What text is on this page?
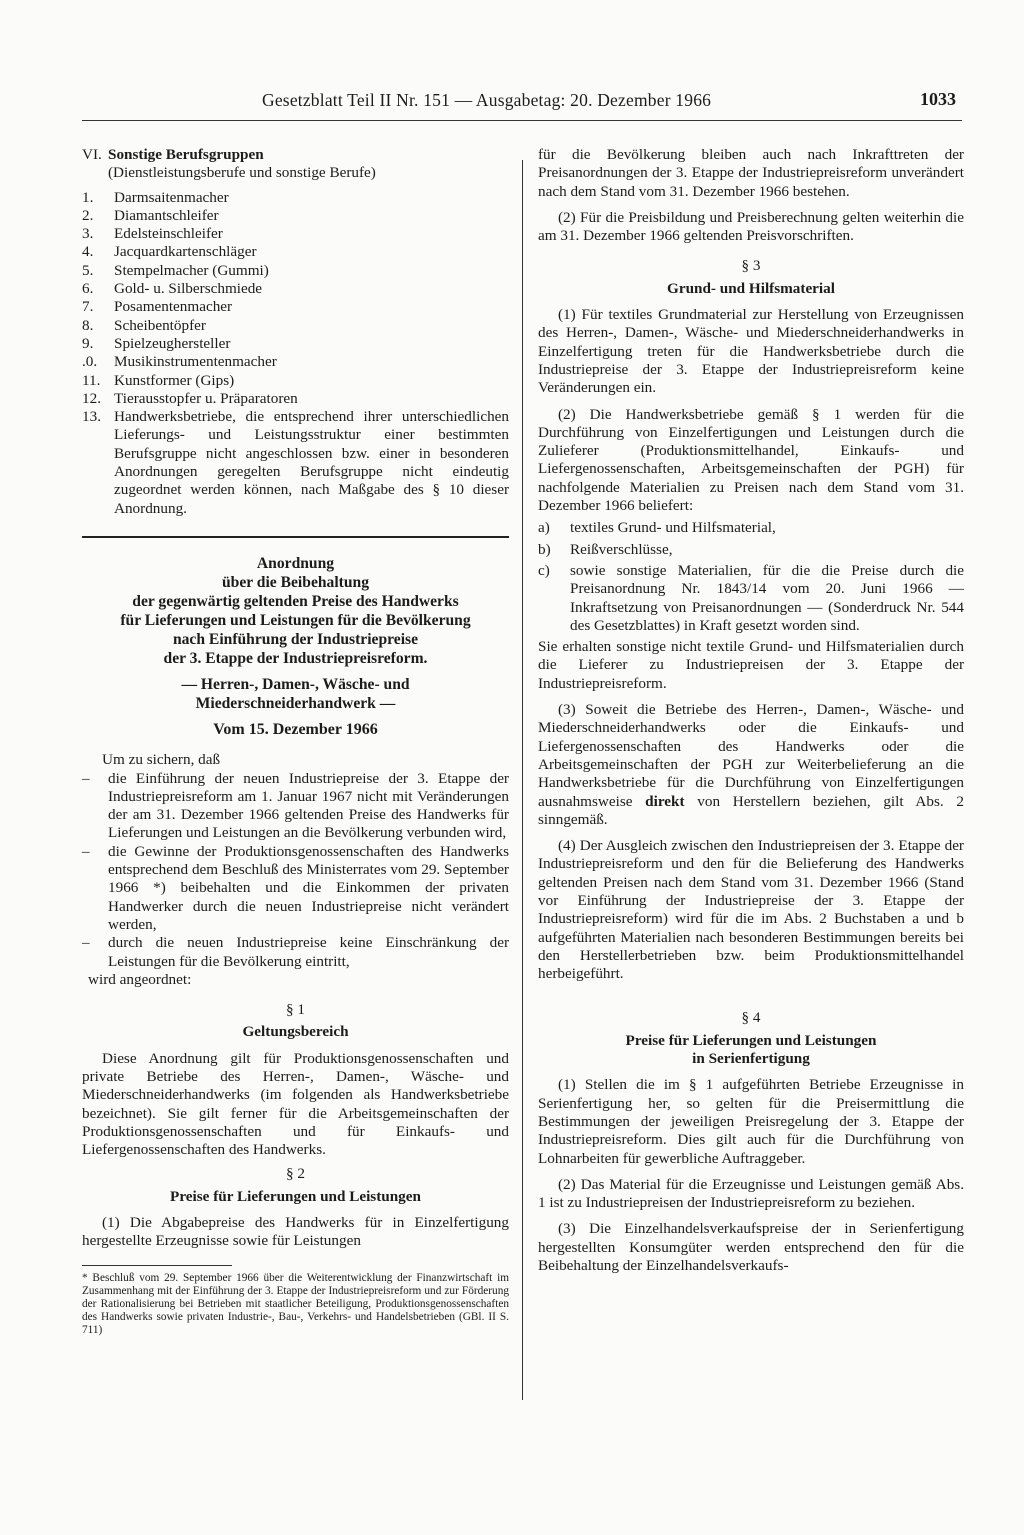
Gesetzblatt Teil II Nr. 151 — Ausgabetag: 20. Dezember 1966	1033
VI. Sonstige Berufsgruppen

(Dienstleistungsberufe und sonstige Berufe)

1.	Darmsaitenmacher
2.	Diamantschleifer
3.	Edelsteinschleifer
4.	Jacquardkartenschläger
5.	Stempelmacher (Gummi)
6.	Gold- u. Silberschmiede
7.	Posamentenmacher
8.	Scheibentöpfer
9.	Spielzeughersteller
.0.	Musikinstrumentenmacher
11. Kunstformer (Gips)
12. Tierausstopfer u. Präparatoren
13. Handwerksbetriebe, die entsprechend ihrer unterschiedlichen Lieferungs- und Leistungsstruktur einer bestimmten Berufsgruppe nicht angeschlossen bzw. einer in besonderen Anordnungen geregelten Berufsgruppe nicht eindeutig zugeordnet werden können, nach Maßgabe des § 10 dieser Anordnung.
Anordnung
über die Beibehaltung
der gegenwärtig geltenden Preise des Handwerks
für Lieferungen und Leistungen für die Bevölkerung
nach Einführung der Industriepreise
der 3. Etappe der Industriepreisreform.
— Herren-, Damen-, Wäsche- und
Miederschneiderhandwerk —
Vom 15. Dezember 1966

Um zu sichern, daß

–	die Einführung der neuen Industriepreise der 3. Etappe der Industriepreisreform am 1. Januar 1967 nicht mit Veränderungen der am 31. Dezember 1966 geltenden Preise des Handwerks für Lieferungen und Leistungen an die Bevölkerung verbunden wird,
–	die Gewinne der Produktionsgenossenschaften des Handwerks entsprechend dem Beschluß des Ministerrates vom 29. September 1966 *) beibehalten und die Einkommen der privaten Handwerker durch die neuen Industriepreise nicht verändert werden,
–	durch die neuen Industriepreise keine Einschränkung der Leistungen für die Bevölkerung eintritt,

wird angeordnet:

§ 1
Geltungsbereich

Diese Anordnung gilt für Produktionsgenossenschaften und private Betriebe des Herren-, Damen-, Wäsche- und Miederschneiderhandwerks (im folgenden als Handwerksbetriebe bezeichnet). Sie gilt ferner für die Arbeitsgemeinschaften der Produktionsgenossenschaften und für Einkaufs- und Liefergenossenschaften des Handwerks.

§ 2
Preise für Lieferungen und Leistungen

(1) Die Abgabepreise des Handwerks für in Einzelfertigung hergestellte Erzeugnisse sowie für Leistungen

* Beschluß vom 29. September 1966 über die Weiterentwicklung der Finanzwirtschaft im Zusammenhang mit der Einführung der 3. Etappe der Industriepreisreform und zur Förderung der Rationalisierung bei Betrieben mit staatlicher Beteiligung, Produktionsgenossenschaften des Handwerks sowie privaten Industrie-, Bau-, Verkehrs- und Handelsbetrieben (GBl. II S. 711)

für die Bevölkerung bleiben auch nach Inkrafttreten der Preisanordnungen der 3. Etappe der Industriepreisreform unverändert nach dem Stand vom 31. Dezember 1966 bestehen.

(2) Für die Preisbildung und Preisberechnung gelten weiterhin die am 31. Dezember 1966 geltenden Preisvorschriften.

§ 3
Grund- und Hilfsmaterial

(1) Für textiles Grundmaterial zur Herstellung von Erzeugnissen des Herren-, Damen-, Wäsche- und Miederschneiderhandwerks in Einzelfertigung treten für die Handwerksbetriebe durch die Industriepreise der 3. Etappe der Industriepreisreform keine Veränderungen ein.

(2) Die Handwerksbetriebe gemäß § 1 werden für die Durchführung von Einzelfertigungen und Leistungen durch die Zulieferer (Produktionsmittelhandel, Einkaufs- und Liefergenossenschaften, Arbeitsgemeinschaften der PGH) für nachfolgende Materialien zu Preisen nach dem Stand vom 31. Dezember 1966 beliefert:

a)	textiles Grund- und Hilfsmaterial,
b)	Reißverschlüsse,
c)	sowie sonstige Materialien, für die die Preise durch die Preisanordnung Nr. 1843/14 vom 20. Juni 1966 — Inkraftsetzung von Preisanordnungen — (Sonderdruck Nr. 544 des Gesetzblattes) in Kraft gesetzt worden sind.

Sie erhalten sonstige nicht textile Grund- und Hilfsmaterialien durch die Lieferer zu Industriepreisen der 3. Etappe der Industriepreisreform.

(3) Soweit die Betriebe des Herren-, Damen-, Wäsche- und Miederschneiderhandwerks oder die Einkaufs- und Liefergenossenschaften des Handwerks oder die Arbeitsgemeinschaften der PGH zur Weiterbelieferung an die Handwerksbetriebe für die Durchführung von Einzelfertigungen ausnahmsweise direkt von Herstellern beziehen, gilt Abs. 2 sinngemäß.

(4) Der Ausgleich zwischen den Industriepreisen der 3. Etappe der Industriepreisreform und den für die Belieferung des Handwerks geltenden Preisen nach dem Stand vom 31. Dezember 1966 (Stand vor Einführung der Industriepreise der 3. Etappe der Industriepreisreform) wird für die im Abs. 2 Buchstaben a und b aufgeführten Materialien nach besonderen Bestimmungen bereits bei den Herstellerbetrieben bzw. beim Produktionsmittelhandel herbeigeführt.

§ 4
Preise für Lieferungen und Leistungen
in Serienfertigung

(1) Stellen die im § 1 aufgeführten Betriebe Erzeugnisse in Serienfertigung her, so gelten für die Preisermittlung die Bestimmungen der jeweiligen Preisregelung der 3. Etappe der Industriepreisreform. Dies gilt auch für die Durchführung von Lohnarbeiten für gewerbliche Auftraggeber.

(2) Das Material für die Erzeugnisse und Leistungen gemäß Abs. 1 ist zu Industriepreisen der Industriepreisreform zu beziehen.

(3) Die Einzelhandelsverkaufspreise der in Serienfertigung hergestellten Konsumgüter werden entsprechend den für die Beibehaltung der Einzelhandelsverkaufs-
